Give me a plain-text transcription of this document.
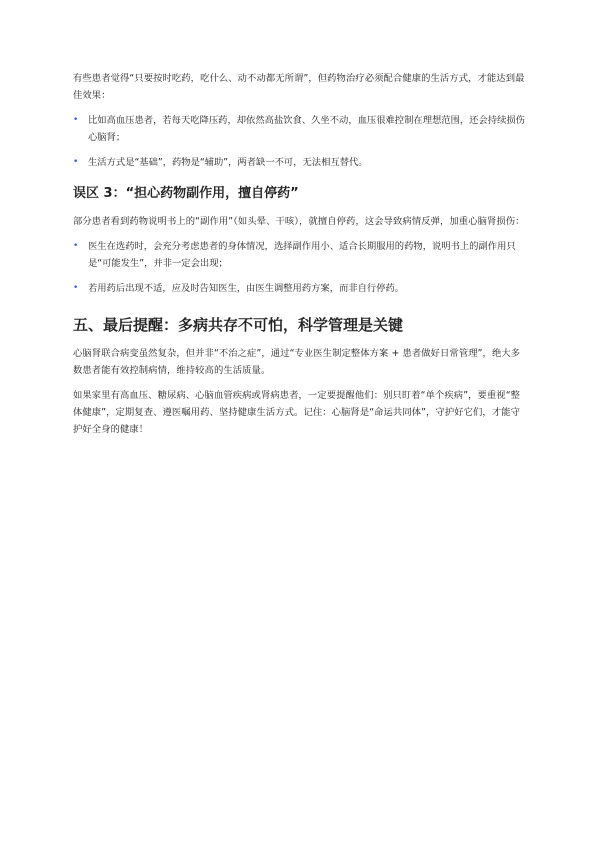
有些患者觉得“只要按时吃药，吃什么、动不动都无所谓”，但药物治疗必须配合健康的生活方式，才能达到最佳效果：

• 比如高血压患者，若每天吃降压药，却依然高盐饮食、久坐不动，血压很难控制在理想范围，还会持续损伤心脑肾；
• 生活方式是“基础”，药物是“辅助”，两者缺一不可，无法相互替代。
误区 3：“担心药物副作用，擅自停药”

部分患者看到药物说明书上的“副作用”（如头晕、干咳），就擅自停药，这会导致病情反弹，加重心脑肾损伤：

• 医生在选药时，会充分考虑患者的身体情况，选择副作用小、适合长期服用的药物，说明书上的副作用只是“可能发生”，并非一定会出现；
• 若用药后出现不适，应及时告知医生，由医生调整用药方案，而非自行停药。
五、最后提醒：多病共存不可怕，科学管理是关键

心脑肾联合病变虽然复杂，但并非“不治之症”，通过“专业医生制定整体方案 + 患者做好日常管理”，绝大多数患者能有效控制病情，维持较高的生活质量。

如果家里有高血压、糖尿病、心脑血管疾病或肾病患者，一定要提醒他们：别只盯着“单个疾病”，要重视“整体健康”，定期复查、遵医嘱用药、坚持健康生活方式。记住：心脑肾是“命运共同体”，守护好它们，才能守护好全身的健康！
